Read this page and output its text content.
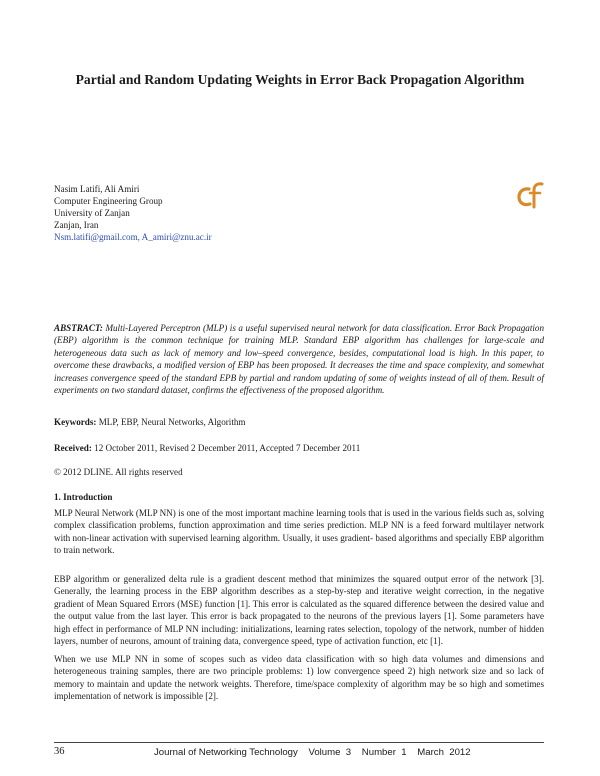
Partial and Random Updating Weights in Error Back Propagation Algorithm
Nasim Latifi, Ali Amiri
Computer Engineering Group
University of Zanjan
Zanjan, Iran
Nsm.latifi@gmail.com, A_amiri@znu.ac.ir
ABSTRACT: Multi-Layered Perceptron (MLP) is a useful supervised neural network for data classification. Error Back Propagation (EBP) algorithm is the common technique for training MLP. Standard EBP algorithm has challenges for large-scale and heterogeneous data such as lack of memory and low–speed convergence, besides, computational load is high. In this paper, to overcome these drawbacks, a modified version of EBP has been proposed. It decreases the time and space complexity, and somewhat increases convergence speed of the standard EPB by partial and random updating of some of weights instead of all of them. Result of experiments on two standard dataset, confirms the effectiveness of the proposed algorithm.
Keywords: MLP, EBP, Neural Networks, Algorithm
Received: 12 October 2011, Revised 2 December 2011, Accepted 7 December 2011
© 2012 DLINE. All rights reserved
1. Introduction
MLP Neural Network (MLP NN) is one of the most important machine learning tools that is used in the various fields such as, solving complex classification problems, function approximation and time series prediction. MLP NN is a feed forward multilayer network with non-linear activation with supervised learning algorithm. Usually, it uses gradient- based algorithms and specially EBP algorithm to train network.
EBP algorithm or generalized delta rule is a gradient descent method that minimizes the squared output error of the network [3]. Generally, the learning process in the EBP algorithm describes as a step-by-step and iterative weight correction, in the negative gradient of Mean Squared Errors (MSE) function [1]. This error is calculated as the squared difference between the desired value and the output value from the last layer. This error is back propagated to the neurons of the previous layers [1]. Some parameters have high effect in performance of MLP NN including: initializations, learning rates selection, topology of the network, number of hidden layers, number of neurons, amount of training data, convergence speed, type of activation function, etc [1].
When we use MLP NN in some of scopes such as video data classification with so high data volumes and dimensions and heterogeneous training samples, there are two principle problems: 1) low convergence speed 2) high network size and so lack of memory to maintain and update the network weights. Therefore, time/space complexity of algorithm may be so high and sometimes implementation of network is impossible [2].
36	Journal of Networking Technology    Volume  3    Number  1    March  2012
